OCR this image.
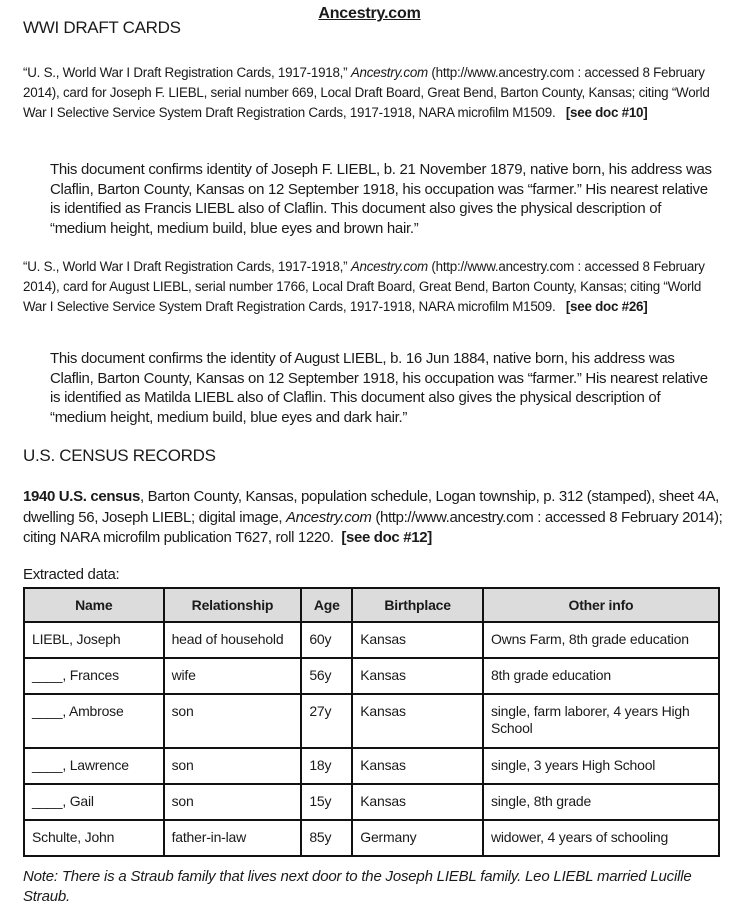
Ancestry.com
WWI DRAFT CARDS

“U. S., World War I Draft Registration Cards, 1917-1918,” Ancestry.com (http://www.ancestry.com : accessed 8 February 2014), card for Joseph F. LIEBL, serial number 669, Local Draft Board, Great Bend, Barton County, Kansas; citing “World War I Selective Service System Draft Registration Cards, 1917-1918, NARA microfilm M1509. [see doc #10]

This document confirms identity of Joseph F. LIEBL, b. 21 November 1879, native born, his address was Claflin, Barton County, Kansas on 12 September 1918, his occupation was “farmer.” His nearest relative is identified as Francis LIEBL also of Claflin. This document also gives the physical description of “medium height, medium build, blue eyes and brown hair.”

“U. S., World War I Draft Registration Cards, 1917-1918,” Ancestry.com (http://www.ancestry.com : accessed 8 February 2014), card for August LIEBL, serial number 1766, Local Draft Board, Great Bend, Barton County, Kansas; citing “World War I Selective Service System Draft Registration Cards, 1917-1918, NARA microfilm M1509. [see doc #26]

This document confirms the identity of August LIEBL, b. 16 Jun 1884, native born, his address was Claflin, Barton County, Kansas on 12 September 1918, his occupation was “farmer.” His nearest relative is identified as Matilda LIEBL also of Claflin. This document also gives the physical description of “medium height, medium build, blue eyes and dark hair.”

U.S. CENSUS RECORDS

1940 U.S. census, Barton County, Kansas, population schedule, Logan township, p. 312 (stamped), sheet 4A, dwelling 56, Joseph LIEBL; digital image, Ancestry.com (http://www.ancestry.com : accessed 8 February 2014); citing NARA microfilm publication T627, roll 1220. [see doc #12]

Extracted data:
Name	Relationship	Age	Birthplace	Other info
LIEBL, Joseph	head of household	60y	Kansas	Owns Farm, 8th grade education
____, Frances	wife	56y	Kansas	8th grade education
____, Ambrose	son	27y	Kansas	single, farm laborer, 4 years High School
____, Lawrence	son	18y	Kansas	single, 3 years High School
____, Gail	son	15y	Kansas	single, 8th grade
Schulte, John	father-in-law	85y	Germany	widower, 4 years of schooling

Note: There is a Straub family that lives next door to the Joseph LIEBL family. Leo LIEBL married Lucille Straub.
